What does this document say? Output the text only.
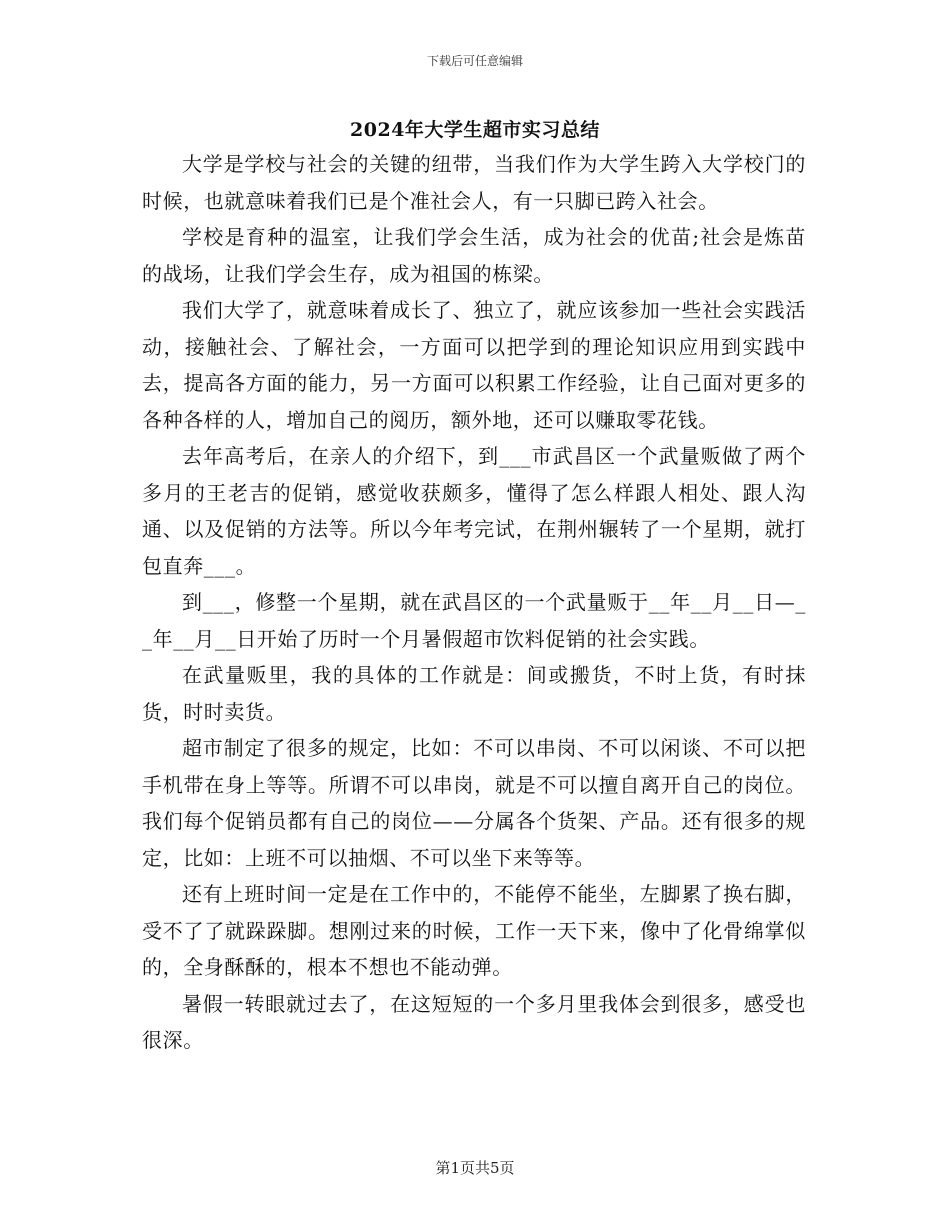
下载后可任意编辑
2024年大学生超市实习总结

大学是学校与社会的关键的纽带，当我们作为大学生跨入大学校门的时候，也就意味着我们已是个准社会人，有一只脚已跨入社会。

学校是育种的温室，让我们学会生活，成为社会的优苗;社会是炼苗的战场，让我们学会生存，成为祖国的栋梁。

我们大学了，就意味着成长了、独立了，就应该参加一些社会实践活动，接触社会、了解社会，一方面可以把学到的理论知识应用到实践中去，提高各方面的能力，另一方面可以积累工作经验，让自己面对更多的各种各样的人，增加自己的阅历，额外地，还可以赚取零花钱。

去年高考后，在亲人的介绍下，到___市武昌区一个武量贩做了两个多月的王老吉的促销，感觉收获颇多，懂得了怎么样跟人相处、跟人沟通、以及促销的方法等。所以今年考完试，在荆州辗转了一个星期，就打包直奔___。

到___，修整一个星期，就在武昌区的一个武量贩于__年__月__日—__年__月__日开始了历时一个月暑假超市饮料促销的社会实践。

在武量贩里，我的具体的工作就是：间或搬货，不时上货，有时抹货，时时卖货。

超市制定了很多的规定，比如：不可以串岗、不可以闲谈、不可以把手机带在身上等等。所谓不可以串岗，就是不可以擅自离开自己的岗位。我们每个促销员都有自己的岗位——分属各个货架、产品。还有很多的规定，比如：上班不可以抽烟、不可以坐下来等等。

还有上班时间一定是在工作中的，不能停不能坐，左脚累了换右脚，受不了了就跺跺脚。想刚过来的时候，工作一天下来，像中了化骨绵掌似的，全身酥酥的，根本不想也不能动弹。

暑假一转眼就过去了，在这短短的一个多月里我体会到很多，感受也很深。

第1页共5页
